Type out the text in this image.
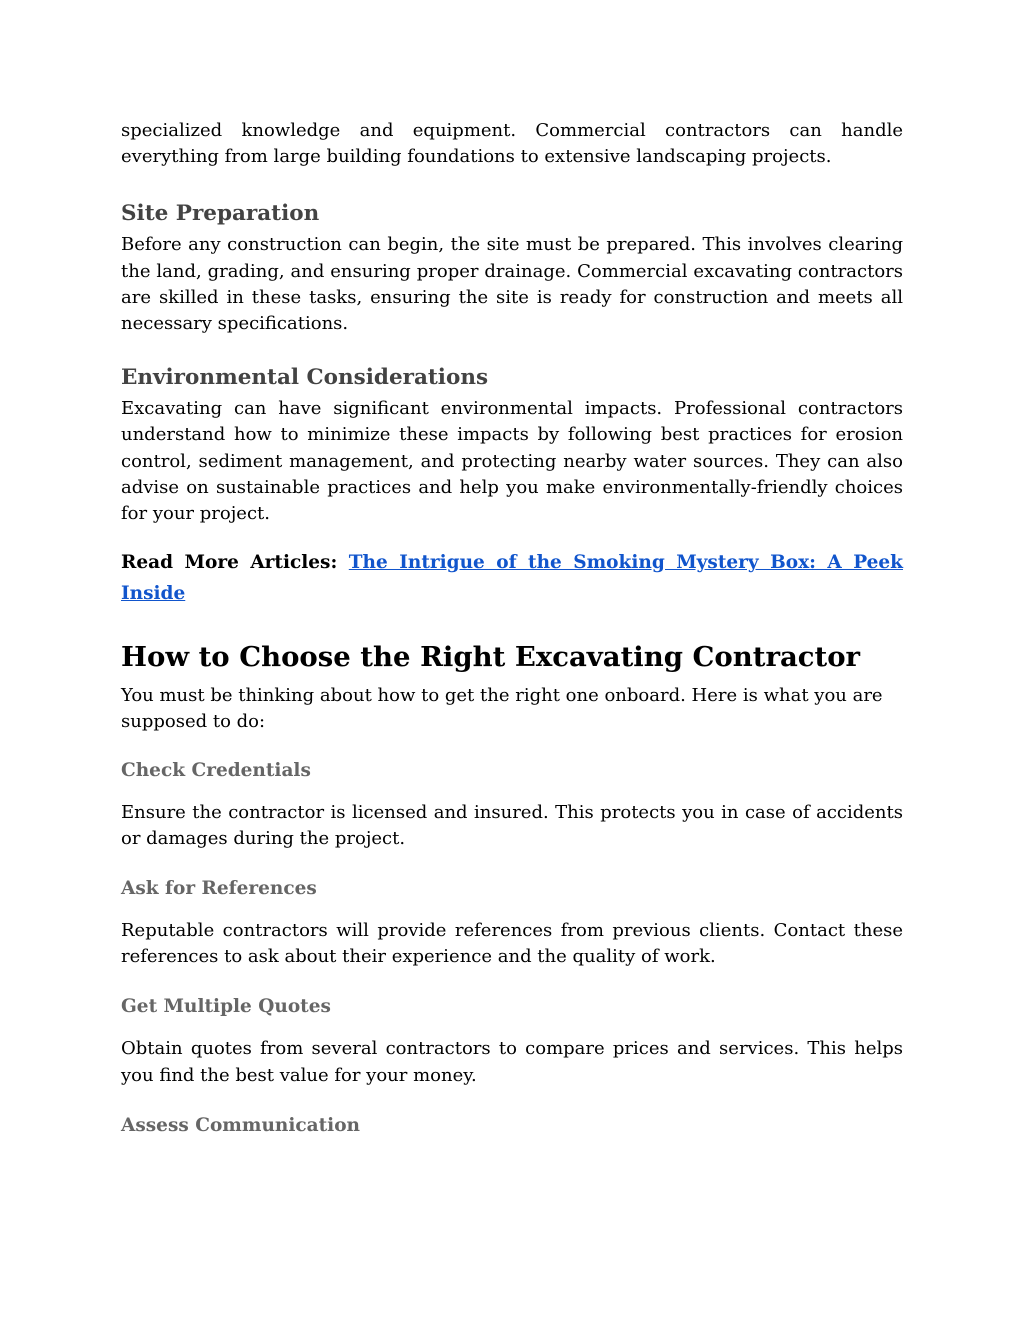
specialized knowledge and equipment. Commercial contractors can handle everything from large building foundations to extensive landscaping projects.

Site Preparation

Before any construction can begin, the site must be prepared. This involves clearing the land, grading, and ensuring proper drainage. Commercial excavating contractors are skilled in these tasks, ensuring the site is ready for construction and meets all necessary specifications.

Environmental Considerations

Excavating can have significant environmental impacts. Professional contractors understand how to minimize these impacts by following best practices for erosion control, sediment management, and protecting nearby water sources. They can also advise on sustainable practices and help you make environmentally-friendly choices for your project.

Read More Articles: The Intrigue of the Smoking Mystery Box: A Peek Inside

How to Choose the Right Excavating Contractor

You must be thinking about how to get the right one onboard. Here is what you are supposed to do:

Check Credentials

Ensure the contractor is licensed and insured. This protects you in case of accidents or damages during the project.

Ask for References

Reputable contractors will provide references from previous clients. Contact these references to ask about their experience and the quality of work.

Get Multiple Quotes

Obtain quotes from several contractors to compare prices and services. This helps you find the best value for your money.

Assess Communication
